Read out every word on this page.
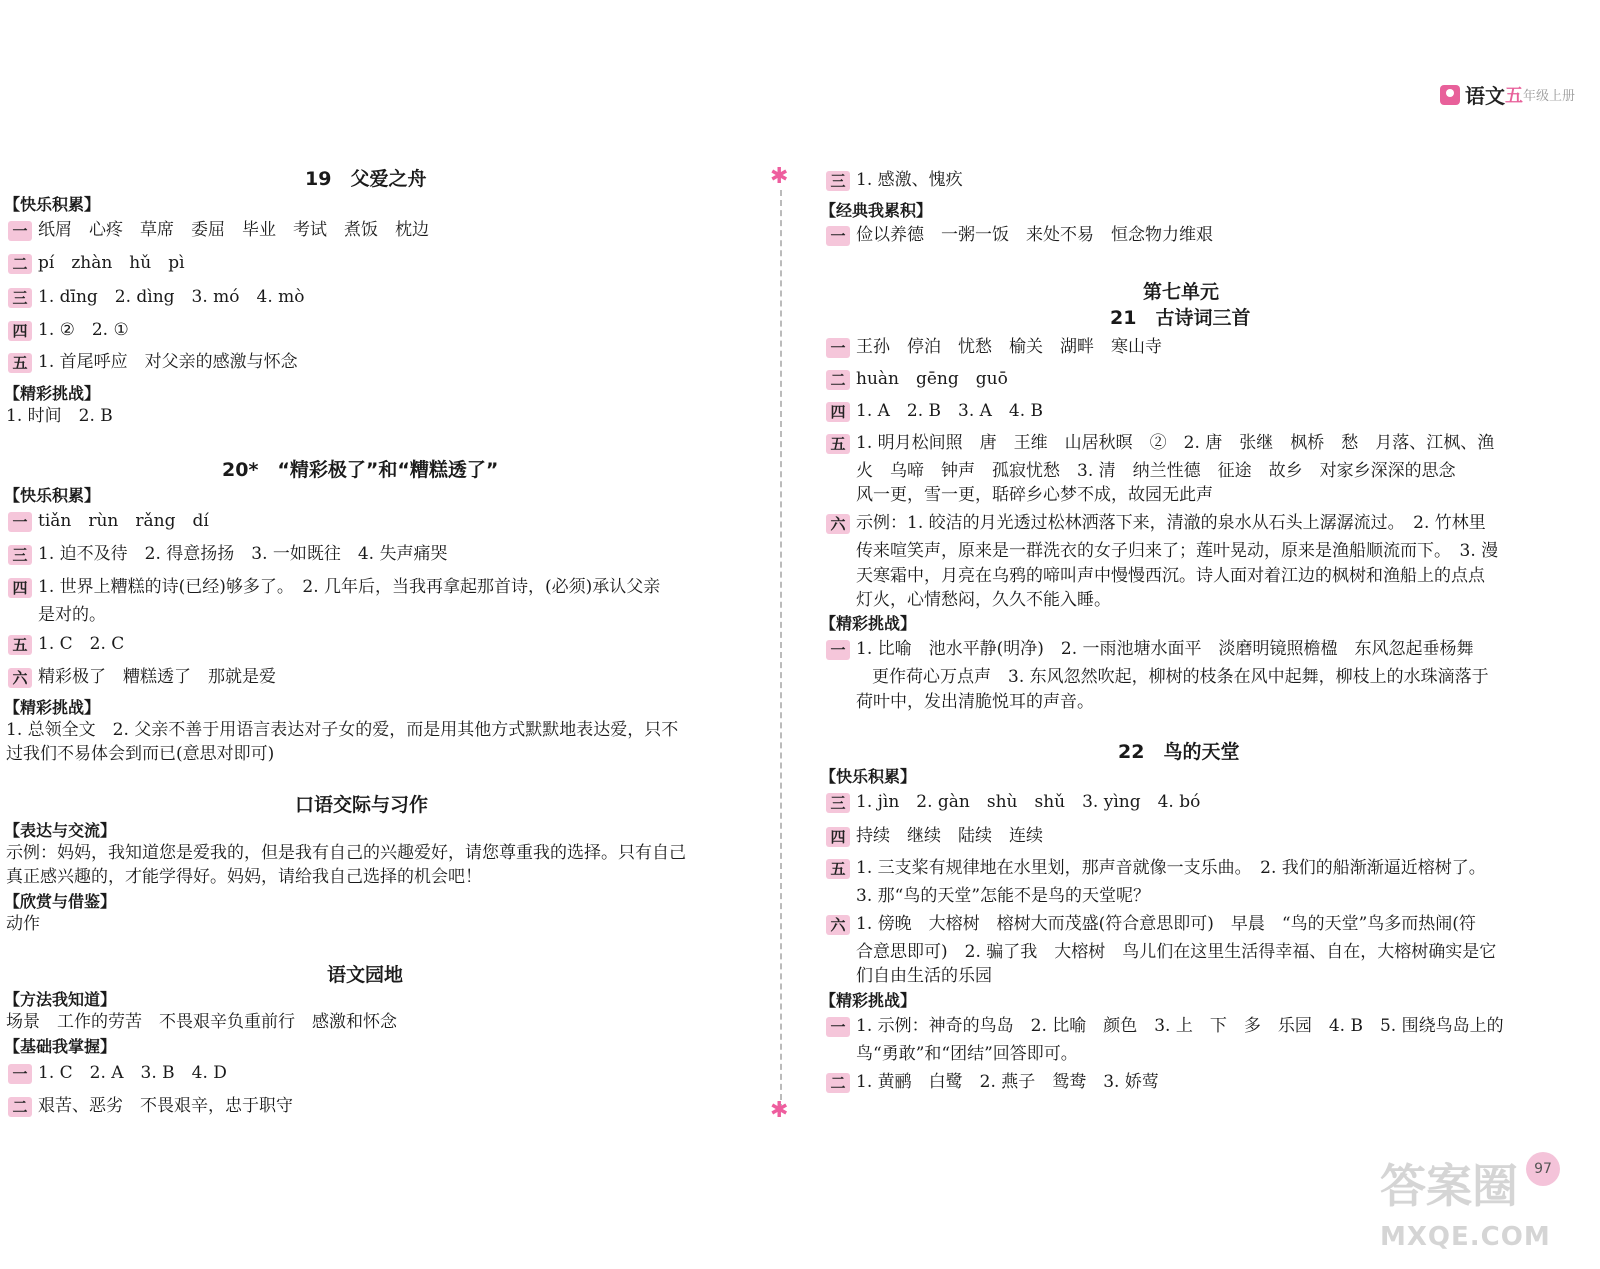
语文五年级上册
✱
✱
19　父爱之舟
【快乐积累】
一 纸屑　心疼　草席　委屈　毕业　考试　煮饭　枕边
二 pí　zhàn　hǔ　pì
三 1. dīng　2. dìng　3. mó　4. mò
四 1. ②　2. ①
五 1. 首尾呼应　对父亲的感激与怀念
【精彩挑战】
1. 时间　2. B
20*　“精彩极了”和“糟糕透了”
【快乐积累】
一 tiǎn　rùn　rǎng　dí
三 1. 迫不及待　2. 得意扬扬　3. 一如既往　4. 失声痛哭
四 1. 世界上糟糕的诗(已经)够多了。　2. 几年后，当我再拿起那首诗，(必须)承认父亲
是对的。
五 1. C　2. C
六 精彩极了　糟糕透了　那就是爱
【精彩挑战】
1. 总领全文　2. 父亲不善于用语言表达对子女的爱，而是用其他方式默默地表达爱，只不
过我们不易体会到而已(意思对即可)
口语交际与习作
【表达与交流】
示例：妈妈，我知道您是爱我的，但是我有自己的兴趣爱好，请您尊重我的选择。只有自己
真正感兴趣的，才能学得好。妈妈，请给我自己选择的机会吧！
【欣赏与借鉴】
动作
语文园地
【方法我知道】
场景　工作的劳苦　不畏艰辛负重前行　感激和怀念
【基础我掌握】
一 1. C　2. A　3. B　4. D
二 艰苦、恶劣　不畏艰辛，忠于职守
三 1. 感激、愧疚
【经典我累积】
一 俭以养德　一粥一饭　来处不易　恒念物力维艰
第七单元
21　古诗词三首
一 王孙　停泊　忧愁　榆关　湖畔　寒山寺
二 huàn　gēng　guō
四 1. A　2. B　3. A　4. B
五 1. 明月松间照　唐　王维　山居秋暝　②　2. 唐　张继　枫桥　愁　月落、江枫、渔
火　乌啼　钟声　孤寂忧愁　3. 清　纳兰性德　征途　故乡　对家乡深深的思念
风一更，雪一更，聒碎乡心梦不成，故园无此声
六 示例：1. 皎洁的月光透过松林洒落下来，清澈的泉水从石头上潺潺流过。　2. 竹林里
传来喧笑声，原来是一群洗衣的女子归来了；莲叶晃动，原来是渔船顺流而下。　3. 漫
天寒霜中，月亮在乌鸦的啼叫声中慢慢西沉。诗人面对着江边的枫树和渔船上的点点
灯火，心情愁闷，久久不能入睡。
【精彩挑战】
一 1. 比喻　池水平静(明净)　2. 一雨池塘水面平　淡磨明镜照檐楹　东风忽起垂杨舞
更作荷心万点声　3. 东风忽然吹起，柳树的枝条在风中起舞，柳枝上的水珠滴落于
荷叶中，发出清脆悦耳的声音。
22　鸟的天堂
【快乐积累】
三 1. jìn　2. gàn　shù　shǔ　3. yìng　4. bó
四 持续　继续　陆续　连续
五 1. 三支桨有规律地在水里划，那声音就像一支乐曲。　2. 我们的船渐渐逼近榕树了。
3. 那“鸟的天堂”怎能不是鸟的天堂呢？
六 1. 傍晚　大榕树　榕树大而茂盛(符合意思即可)　早晨　“鸟的天堂”鸟多而热闹(符
合意思即可)　2. 骗了我　大榕树　鸟儿们在这里生活得幸福、自在，大榕树确实是它
们自由生活的乐园
【精彩挑战】
一 1. 示例：神奇的鸟岛　2. 比喻　颜色　3. 上　下　多　乐园　4. B　5. 围绕鸟岛上的
鸟“勇敢”和“团结”回答即可。
二 1. 黄鹂　白鹭　2. 燕子　鸳鸯　3. 娇莺
答案圈
MXQE.COM
97
